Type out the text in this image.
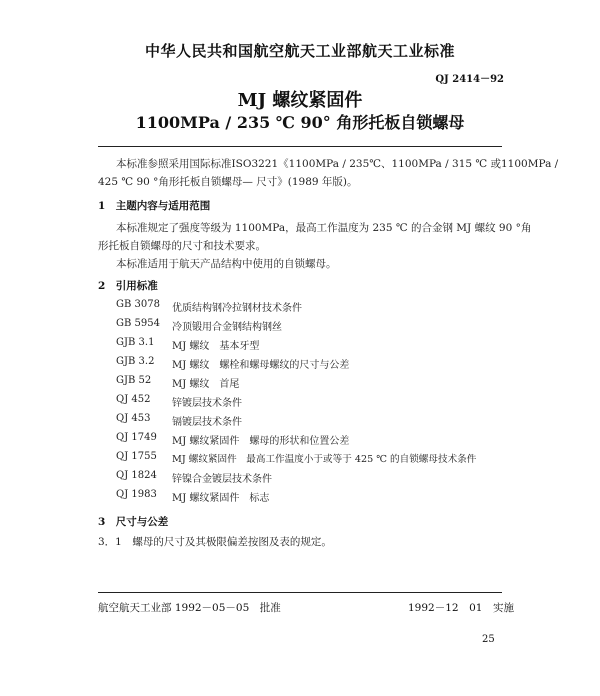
中华人民共和国航空航天工业部航天工业标准
QJ 2414－92
MJ 螺纹紧固件
1100MPa / 235 ℃ 90° 角形托板自锁螺母
本标准参照采用国际标准ISO3221《1100MPa / 235℃、1100MPa / 315 ℃ 或1100MPa /
425 ℃ 90 °角形托板自锁螺母— 尺寸》(1989 年版)。
1　主题内容与适用范围
本标准规定了强度等级为 1100MPa，最高工作温度为 235 ℃ 的合金钢 MJ 螺纹 90 °角
形托板自锁螺母的尺寸和技术要求。
本标准适用于航天产品结构中使用的自锁螺母。
2　引用标准
GB 3078 优质结构钢冷拉钢材技术条件
GB 5954 冷顶锻用合金钢结构钢丝
GJB 3.1 MJ 螺纹　基本牙型
GJB 3.2 MJ 螺纹　螺栓和螺母螺纹的尺寸与公差
GJB 52 MJ 螺纹　首尾
QJ 452 锌镀层技术条件
QJ 453 镉镀层技术条件
QJ 1749 MJ 螺纹紧固件　螺母的形状和位置公差
QJ 1755 MJ 螺纹紧固件　最高工作温度小于或等于 425 ℃ 的自锁螺母技术条件
QJ 1824 锌镍合金镀层技术条件
QJ 1983 MJ 螺纹紧固件　标志
3　尺寸与公差
3．1　螺母的尺寸及其极限偏差按图及表的规定。
航空航天工业部 1992－05－05　批准	1992－12　01　实施
25
